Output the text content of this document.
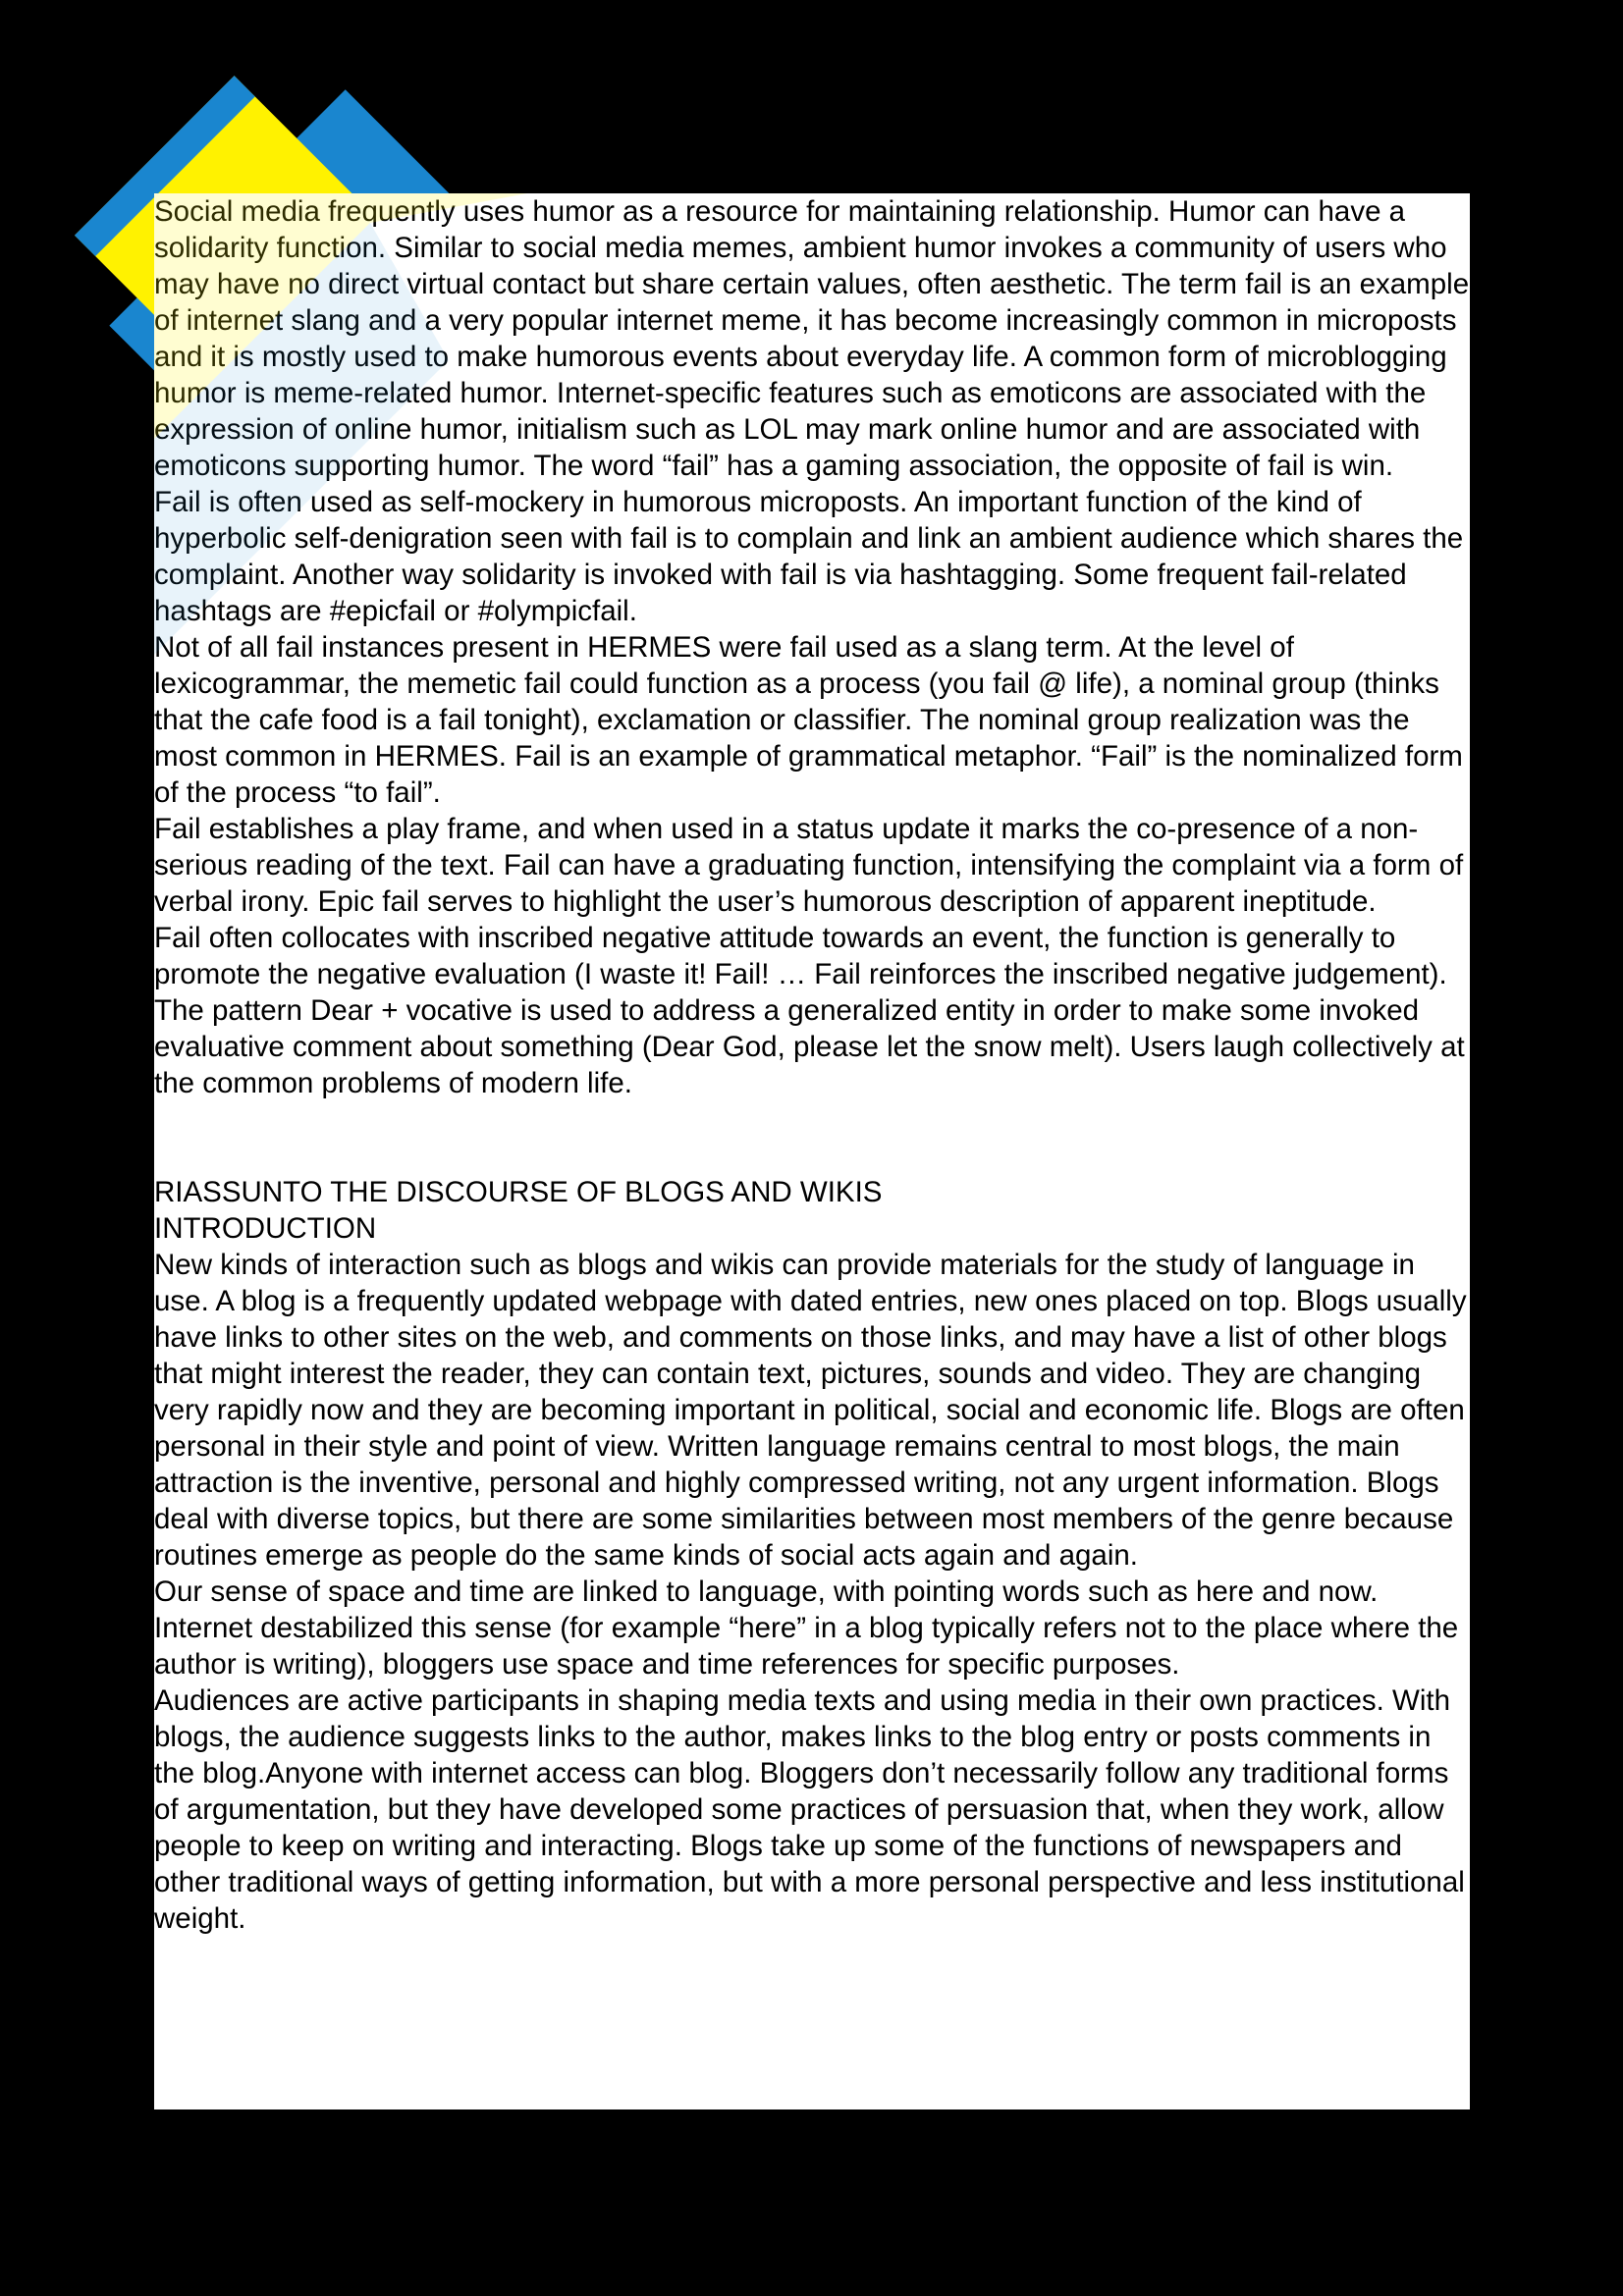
Social media frequently uses humor as a resource for maintaining relationship. Humor can have a solidarity function. Similar to social media memes, ambient humor invokes a community of users who may have no direct virtual contact but share certain values, often aesthetic. The term fail is an example of internet slang and a very popular internet meme, it has become increasingly common in microposts and it is mostly used to make humorous events about everyday life. A common form of microblogging humor is meme-related humor. Internet-specific features such as emoticons are associated with the expression of online humor, initialism such as LOL may mark online humor and are associated with emoticons supporting humor. The word “fail” has a gaming association, the opposite of fail is win.

Fail is often used as self-mockery in humorous microposts. An important function of the kind of hyperbolic self-denigration seen with fail is to complain and link an ambient audience which shares the complaint. Another way solidarity is invoked with fail is via hashtagging. Some frequent fail-related hashtags are #epicfail or #olympicfail.

Not of all fail instances present in HERMES were fail used as a slang term. At the level of lexicogrammar, the memetic fail could function as a process (you fail @ life), a nominal group (thinks that the cafe food is a fail tonight), exclamation or classifier. The nominal group realization was the most common in HERMES. Fail is an example of grammatical metaphor. “Fail” is the nominalized form of the process “to fail”.

Fail establishes a play frame, and when used in a status update it marks the co-presence of a non-serious reading of the text. Fail can have a graduating function, intensifying the complaint via a form of verbal irony. Epic fail serves to highlight the user’s humorous description of apparent ineptitude.

Fail often collocates with inscribed negative attitude towards an event, the function is generally to promote the negative evaluation (I waste it! Fail! … Fail reinforces the inscribed negative judgement). The pattern Dear + vocative is used to address a generalized entity in order to make some invoked evaluative comment about something (Dear God, please let the snow melt). Users laugh collectively at the common problems of modern life.

RIASSUNTO THE DISCOURSE OF BLOGS AND WIKIS

INTRODUCTION

New kinds of interaction such as blogs and wikis can provide materials for the study of language in use. A blog is a frequently updated webpage with dated entries, new ones placed on top. Blogs usually have links to other sites on the web, and comments on those links, and may have a list of other blogs that might interest the reader, they can contain text, pictures, sounds and video. They are changing very rapidly now and they are becoming important in political, social and economic life. Blogs are often personal in their style and point of view. Written language remains central to most blogs, the main attraction is the inventive, personal and highly compressed writing, not any urgent information. Blogs deal with diverse topics, but there are some similarities between most members of the genre because routines emerge as people do the same kinds of social acts again and again.

Our sense of space and time are linked to language, with pointing words such as here and now. Internet destabilized this sense (for example “here” in a blog typically refers not to the place where the author is writing), bloggers use space and time references for specific purposes.

Audiences are active participants in shaping media texts and using media in their own practices. With blogs, the audience suggests links to the author, makes links to the blog entry or posts comments in the blog.Anyone with internet access can blog. Bloggers don’t necessarily follow any traditional forms of argumentation, but they have developed some practices of persuasion that, when they work, allow people to keep on writing and interacting. Blogs take up some of the functions of newspapers and other traditional ways of getting information, but with a more personal perspective and less institutional weight.
